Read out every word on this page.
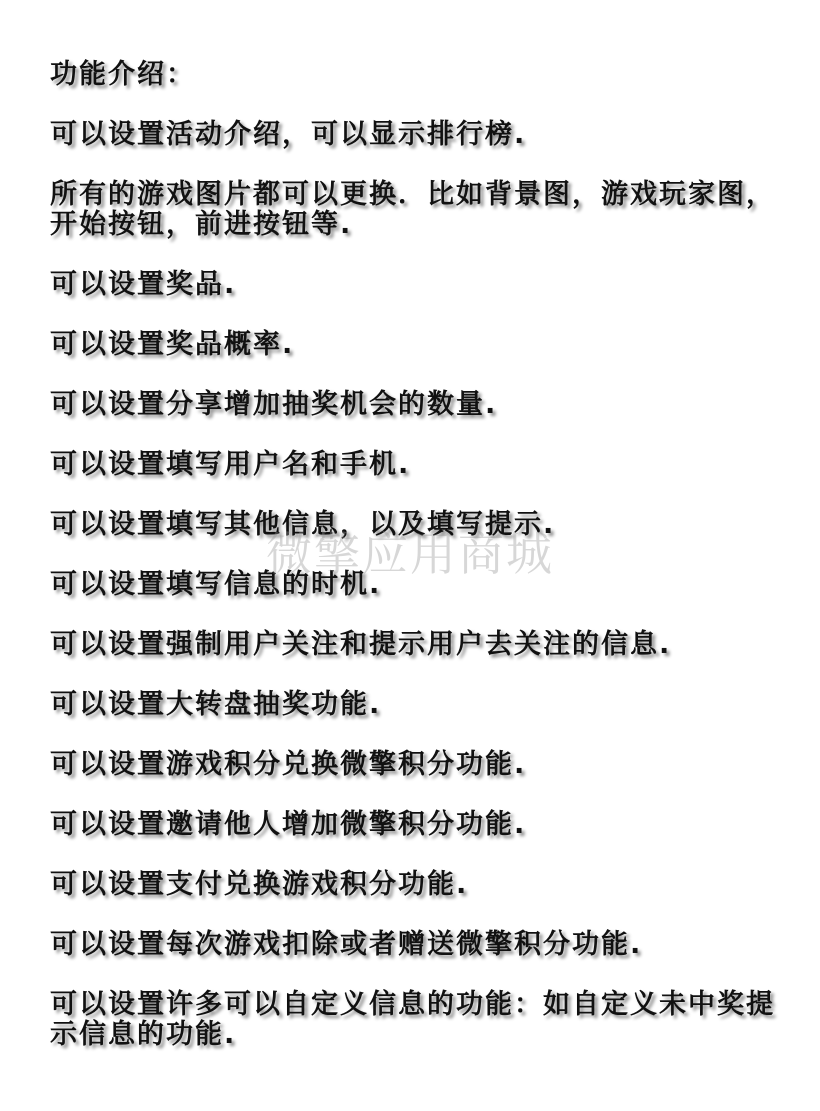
功能介绍：
可以设置活动介绍，可以显示排行榜.
所有的游戏图片都可以更换．比如背景图，游戏玩家图，开始按钮，前进按钮等.
可以设置奖品.
可以设置奖品概率.
可以设置分享增加抽奖机会的数量.
可以设置填写用户名和手机.
可以设置填写其他信息，以及填写提示.
可以设置填写信息的时机.
可以设置强制用户关注和提示用户去关注的信息.
可以设置大转盘抽奖功能.
可以设置游戏积分兑换微擎积分功能.
可以设置邀请他人增加微擎积分功能.
可以设置支付兑换游戏积分功能.
可以设置每次游戏扣除或者赠送微擎积分功能.
可以设置许多可以自定义信息的功能：如自定义未中奖提示信息的功能.
微擎应用商城
